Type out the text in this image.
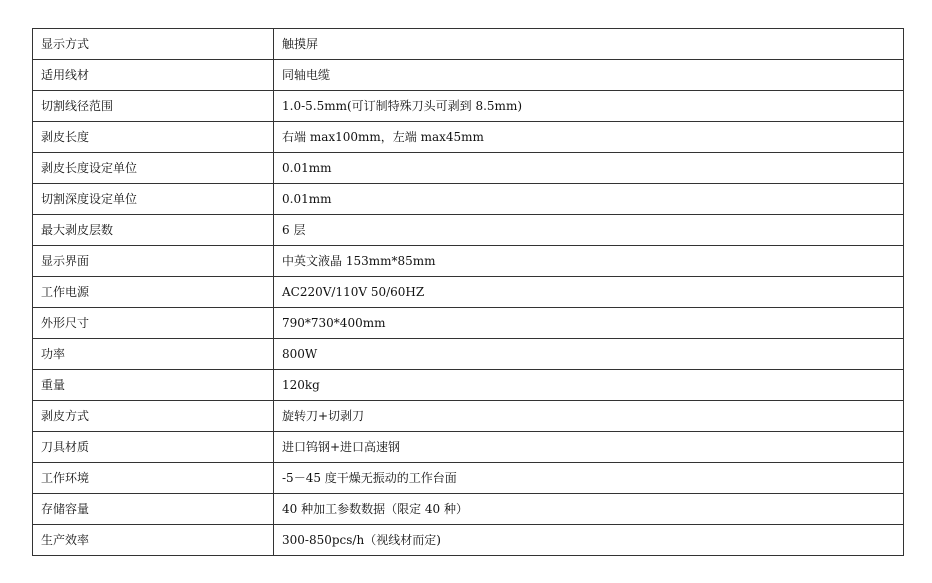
显示方式	触摸屏
适用线材	同轴电缆
切割线径范围	1.0-5.5mm(可订制特殊刀头可剥到 8.5mm)
剥皮长度	右端 max100mm，左端 max45mm
剥皮长度设定单位	0.01mm
切割深度设定单位	0.01mm
最大剥皮层数	6 层
显示界面	中英文液晶 153mm*85mm
工作电源	AC220V/110V 50/60HZ
外形尺寸	790*730*400mm
功率	800W
重量	120kg
剥皮方式	旋转刀+切剥刀
刀具材质	进口钨钢+进口高速钢
工作环境	-5－45 度干燥无振动的工作台面
存储容量	40 种加工参数数据（限定 40 种）
生产效率	300-850pcs/h（视线材而定)
